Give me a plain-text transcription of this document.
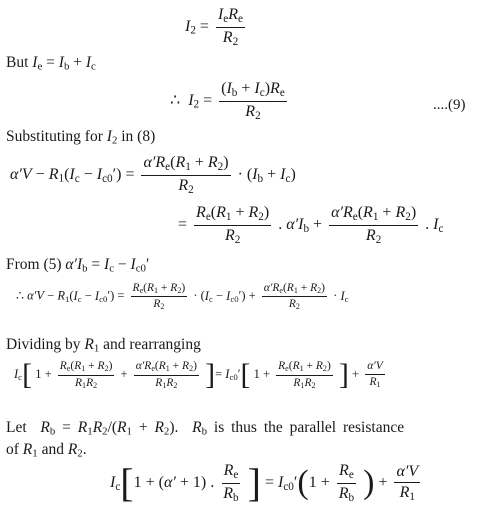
$I_2 = \frac{I_eR_e}{R_2}$
But $I_e = I_b + I_c$
∴ $I_2 = \frac{(I_b + I_c)R_e}{R_2}$	....(9)
Substituting for $I_2$ in (8)
$\alpha'V - R_1(I_c - I_{c0}') = \frac{\alpha'R_e(R_1 + R_2)}{R_2} \cdot (I_b + I_c)$
= $\frac{R_e(R_1 + R_2)}{R_2}$ . $\alpha'I_b + \frac{\alpha'R_e(R_1 + R_2)}{R_2}$ . $I_c$
From (5) $\alpha'I_b = I_c - I_{c0}'$
∴ $\alpha'V - R_1(I_c - I_{c0}') = \frac{R_e(R_1 + R_2)}{R_2} \cdot (I_c - I_{c0}') + \frac{\alpha'R_e(R_1 + R_2)}{R_2} \cdot I_c$
Dividing by $R_1$ and rearranging
$I_c$[ $1 + \frac{R_e(R_1 + R_2)}{R_1R_2} + \frac{\alpha'R_e(R_1 + R_2)}{R_1R_2}$ ]= $I_{c0}'$[ $1 + \frac{R_e(R_1 + R_2)}{R_1R_2}$ ] + $\frac{\alpha'V}{R_1}$
Let $R_b = R_1R_2/(R_1 + R_2)$.  $R_b$ is thus the parallel resistance
of $R_1$ and $R_2$.
$I_c[1 + (\alpha' + 1)$ . $\frac{R_e}{R_b}$ ] = $I_{c0}'(1 + \frac{R_e}{R_b}$ ) + $\frac{\alpha'V}{R_1}$
